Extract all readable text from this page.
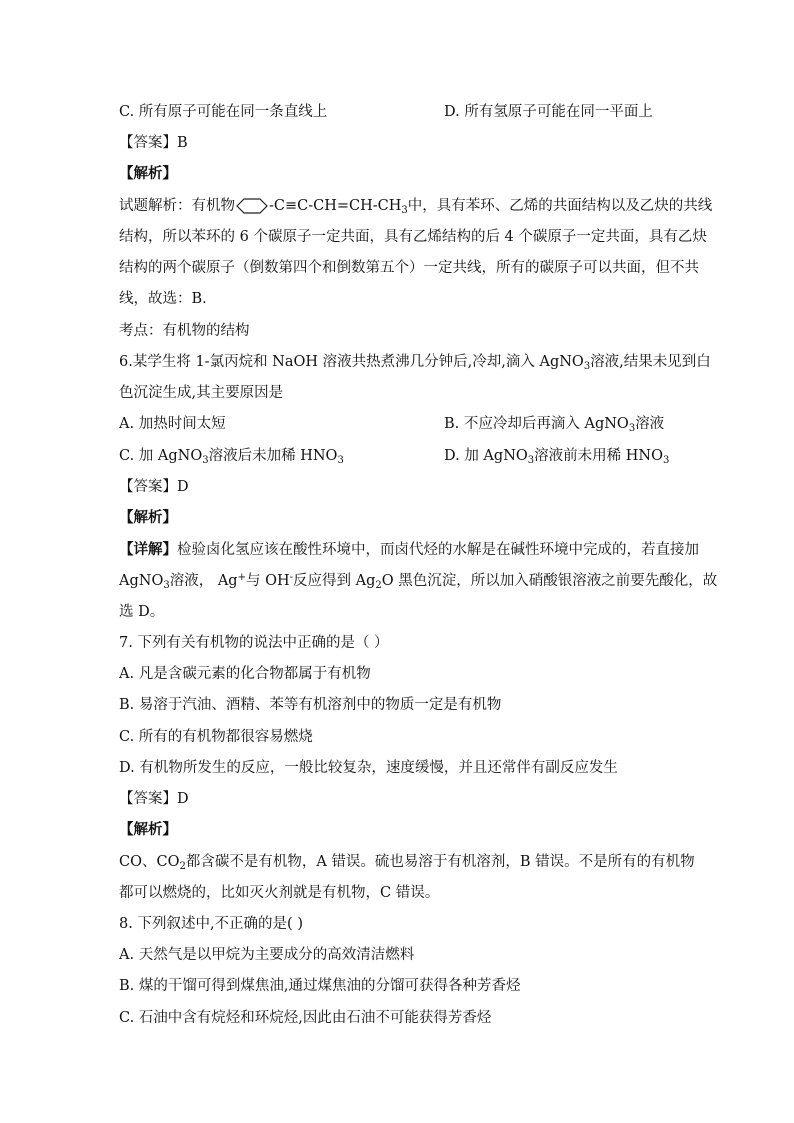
C. 所有原子可能在同一条直线上	D. 所有氢原子可能在同一平面上
【答案】B
【解析】
试题解析：有机物 $-C\equiv C-CH=CH-CH_3$中，具有苯环、乙烯的共面结构以及乙炔的共线
结构，所以苯环的 6 个碳原子一定共面，具有乙烯结构的后 4 个碳原子一定共面，具有乙炔
结构的两个碳原子（倒数第四个和倒数第五个）一定共线，所有的碳原子可以共面，但不共
线，故选：B．
考点：有机物的结构
6.某学生将 1-氯丙烷和 NaOH 溶液共热煮沸几分钟后,冷却,滴入 AgNO$_3$溶液,结果未见到白
色沉淀生成,其主要原因是
A. 加热时间太短	B. 不应冷却后再滴入 AgNO$_3$溶液
C. 加 AgNO$_3$溶液后未加稀 $HNO_3$	D. 加 AgNO$_3$溶液前未用稀 $HNO_3$
【答案】D
【解析】
【详解】检验卤化氢应该在酸性环境中，而卤代烃的水解是在碱性环境中完成的，若直接加
AgNO$_3$溶液， Ag+与 OH-反应得到 $Ag_2O$ 黑色沉淀，所以加入硝酸银溶液之前要先酸化，故
选 D。
7. 下列有关有机物的说法中正确的是（ ）
A. 凡是含碳元素的化合物都属于有机物
B. 易溶于汽油、酒精、苯等有机溶剂中的物质一定是有机物
C. 所有的有机物都很容易燃烧
D. 有机物所发生的反应，一般比较复杂，速度缓慢，并且还常伴有副反应发生
【答案】D
【解析】
CO、$CO_2$都含碳不是有机物，A 错误。硫也易溶于有机溶剂，B 错误。不是所有的有机物
都可以燃烧的，比如灭火剂就是有机物，C 错误。
8. 下列叙述中,不正确的是( )
A. 天然气是以甲烷为主要成分的高效清洁燃料
B. 煤的干馏可得到煤焦油,通过煤焦油的分馏可获得各种芳香烃
C. 石油中含有烷烃和环烷烃,因此由石油不可能获得芳香烃
